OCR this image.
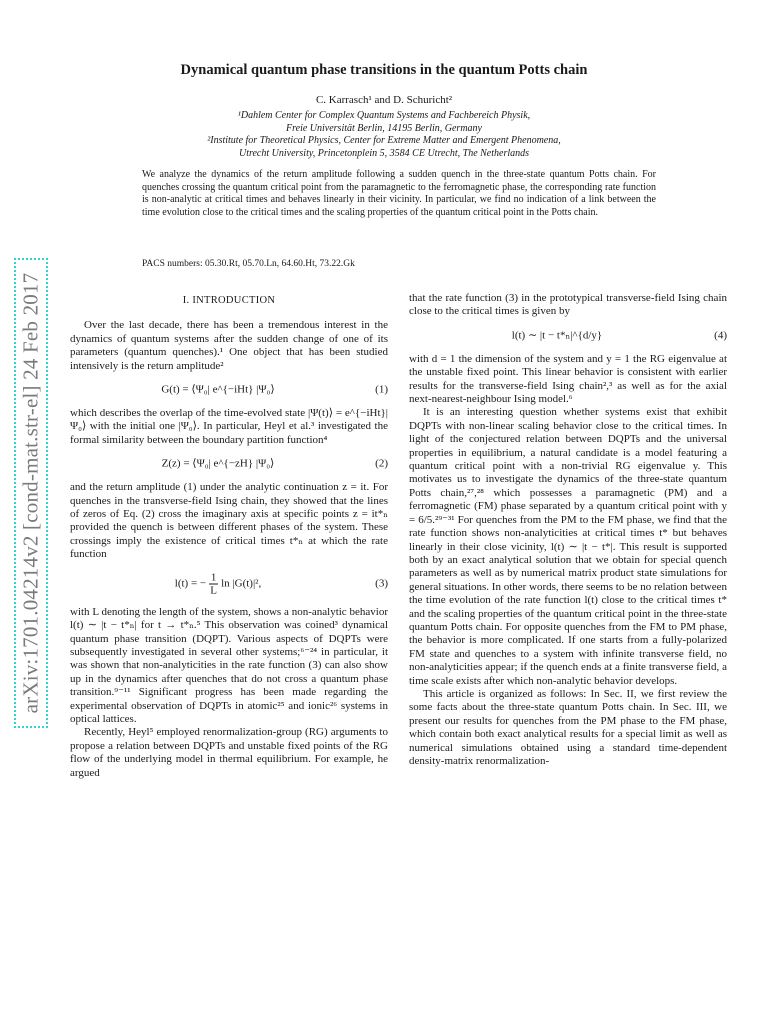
arXiv:1701.04214v2 [cond-mat.str-el] 24 Feb 2017
Dynamical quantum phase transitions in the quantum Potts chain
C. Karrasch¹ and D. Schuricht²
¹Dahlem Center for Complex Quantum Systems and Fachbereich Physik,
Freie Universität Berlin, 14195 Berlin, Germany
²Institute for Theoretical Physics, Center for Extreme Matter and Emergent Phenomena,
Utrecht University, Princetonplein 5, 3584 CE Utrecht, The Netherlands
We analyze the dynamics of the return amplitude following a sudden quench in the three-state quantum Potts chain. For quenches crossing the quantum critical point from the paramagnetic to the ferromagnetic phase, the corresponding rate function is non-analytic at critical times and behaves linearly in their vicinity. In particular, we find no indication of a link between the time evolution close to the critical times and the scaling properties of the quantum critical point in the Potts chain.
PACS numbers: 05.30.Rt, 05.70.Ln, 64.60.Ht, 73.22.Gk
I. INTRODUCTION

Over the last decade, there has been a tremendous interest in the dynamics of quantum systems after the sudden change of one of its parameters (quantum quenches).¹ One object that has been studied intensively is the return amplitude²

G(t) = ⟨Ψ₀| e^{−iHt} |Ψ₀⟩	(1)

which describes the overlap of the time-evolved state |Ψ(t)⟩ = e^{−iHt}|Ψ₀⟩ with the initial one |Ψ₀⟩. In particular, Heyl et al.³ investigated the formal similarity between the boundary partition function⁴

Z(z) = ⟨Ψ₀| e^{−zH} |Ψ₀⟩	(2)

and the return amplitude (1) under the analytic continuation z = it. For quenches in the transverse-field Ising chain, they showed that the lines of zeros of Eq. (2) cross the imaginary axis at specific points z = it*ₙ provided the quench is between different phases of the system. These crossings imply the existence of critical times t*ₙ at which the rate function

l(t) = − $\frac{1}{L}$ ln |G(t)|²,	(3)

with L denoting the length of the system, shows a non-analytic behavior l(t) ∼ |t − t*ₙ| for t → t*ₙ.⁵ This observation was coined³ dynamical quantum phase transition (DQPT). Various aspects of DQPTs were subsequently investigated in several other systems;⁶⁻²⁴ in particular, it was shown that non-analyticities in the rate function (3) can also show up in the dynamics after quenches that do not cross a quantum phase transition.⁹⁻¹¹ Significant progress has been made regarding the experimental observation of DQPTs in atomic²⁵ and ionic²⁶ systems in optical lattices.

Recently, Heyl⁵ employed renormalization-group (RG) arguments to propose a relation between DQPTs and unstable fixed points of the RG flow of the underlying model in thermal equilibrium. For example, he argued

that the rate function (3) in the prototypical transverse-field Ising chain close to the critical times is given by

l(t) ∼ |t − t*ₙ|^{d/y}	(4)

with d = 1 the dimension of the system and y = 1 the RG eigenvalue at the unstable fixed point. This linear behavior is consistent with earlier results for the transverse-field Ising chain²,³ as well as for the axial next-nearest-neighbour Ising model.⁶

It is an interesting question whether systems exist that exhibit DQPTs with non-linear scaling behavior close to the critical times. In light of the conjectured relation between DQPTs and the universal properties in equilibrium, a natural candidate is a model featuring a quantum critical point with a non-trivial RG eigenvalue y. This motivates us to investigate the dynamics of the three-state quantum Potts chain,²⁷,²⁸ which possesses a paramagnetic (PM) and a ferromagnetic (FM) phase separated by a quantum critical point with y = 6/5.²⁹⁻³¹ For quenches from the PM to the FM phase, we find that the rate function shows non-analyticities at critical times t* but behaves linearly in their close vicinity, l(t) ∼ |t − t*|. This result is supported both by an exact analytical solution that we obtain for special quench parameters as well as by numerical matrix product state simulations for general situations. In other words, there seems to be no relation between the time evolution of the rate function l(t) close to the critical times t* and the scaling properties of the quantum critical point in the three-state quantum Potts chain. For opposite quenches from the FM to PM phase, the behavior is more complicated. If one starts from a fully-polarized FM state and quenches to a system with infinite transverse field, no non-analyticities appear; if the quench ends at a finite transverse field, a time scale exists after which non-analytic behavior develops.

This article is organized as follows: In Sec. II, we first review the some facts about the three-state quantum Potts chain. In Sec. III, we present our results for quenches from the PM phase to the FM phase, which contain both exact analytical results for a special limit as well as numerical simulations obtained using a standard time-dependent density-matrix renormalization-
